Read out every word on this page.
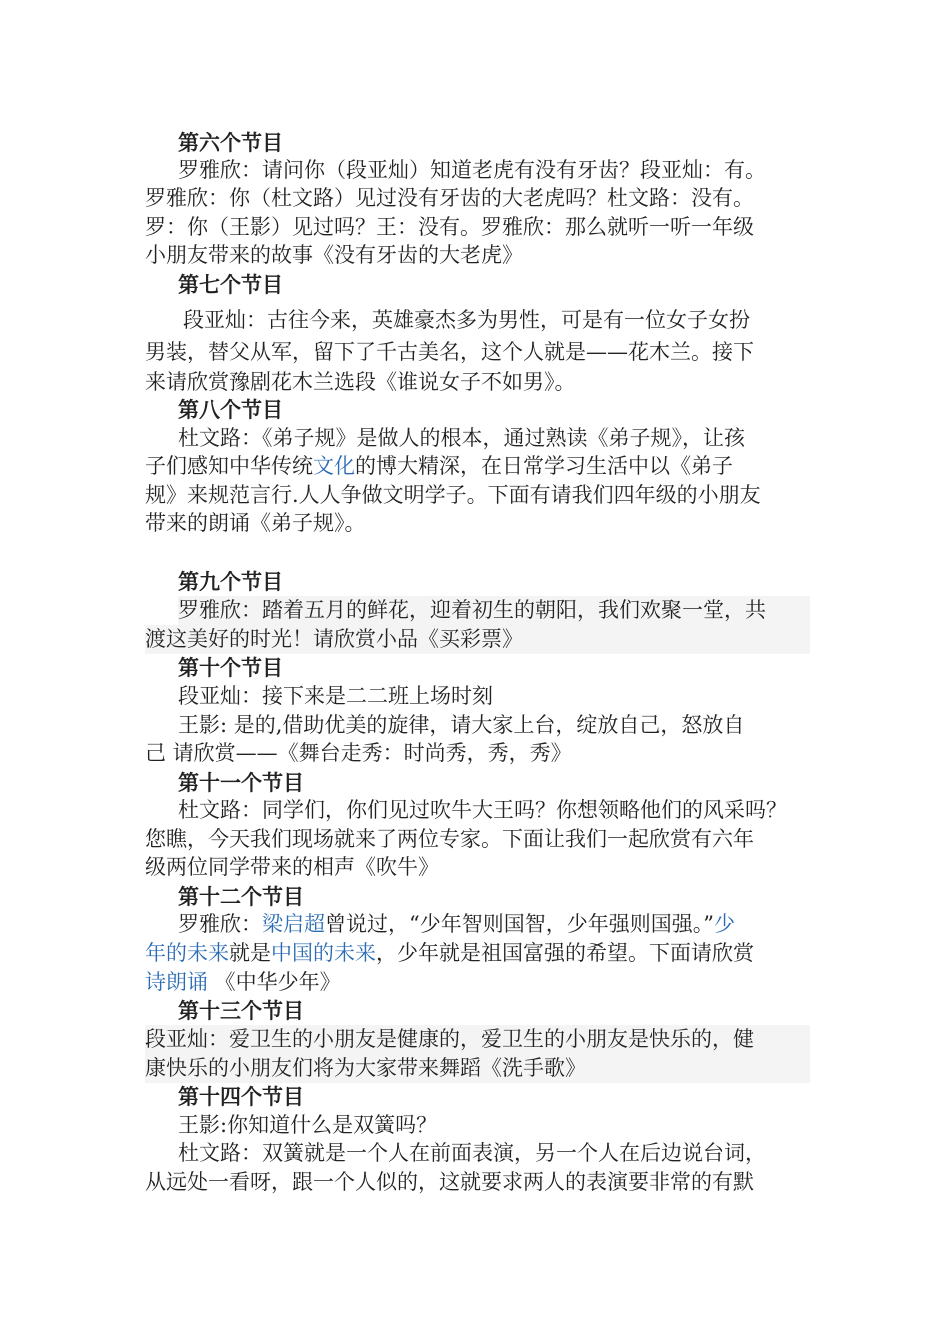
第六个节目
罗雅欣：请问你（段亚灿）知道老虎有没有牙齿？段亚灿：有。
罗雅欣：你（杜文路）见过没有牙齿的大老虎吗？杜文路：没有。
罗：你（王影）见过吗？王：没有。罗雅欣：那么就听一听一年级
小朋友带来的故事《没有牙齿的大老虎》
第七个节目
段亚灿：古往今来，英雄豪杰多为男性，可是有一位女子女扮
男装，替父从军，留下了千古美名，这个人就是——花木兰。接下
来请欣赏豫剧花木兰选段《谁说女子不如男》。
第八个节目
杜文路：《弟子规》是做人的根本，通过熟读《弟子规》，让孩
子们感知中华传统文化的博大精深，在日常学习生活中以《弟子
规》来规范言行.人人争做文明学子。下面有请我们四年级的小朋友
带来的朗诵《弟子规》。
第九个节目
罗雅欣：踏着五月的鲜花，迎着初生的朝阳，我们欢聚一堂，共
渡这美好的时光！请欣赏小品《买彩票》
第十个节目
段亚灿：接下来是二二班上场时刻
王影: 是的,借助优美的旋律，请大家上台，绽放自己，怒放自
己 请欣赏——《舞台走秀：时尚秀，秀，秀》
第十一个节目
杜文路：同学们，你们见过吹牛大王吗？你想领略他们的风采吗？
您瞧，今天我们现场就来了两位专家。下面让我们一起欣赏有六年
级两位同学带来的相声《吹牛》
第十二个节目
罗雅欣：梁启超曾说过，“少年智则国智，少年强则国强。”少
年的未来就是中国的未来，少年就是祖国富强的希望。下面请欣赏
诗朗诵 《中华少年》
第十三个节目
段亚灿：爱卫生的小朋友是健康的，爱卫生的小朋友是快乐的，健
康快乐的小朋友们将为大家带来舞蹈《洗手歌》
第十四个节目
王影:你知道什么是双簧吗？
杜文路：双簧就是一个人在前面表演，另一个人在后边说台词，
从远处一看呀，跟一个人似的，这就要求两人的表演要非常的有默
